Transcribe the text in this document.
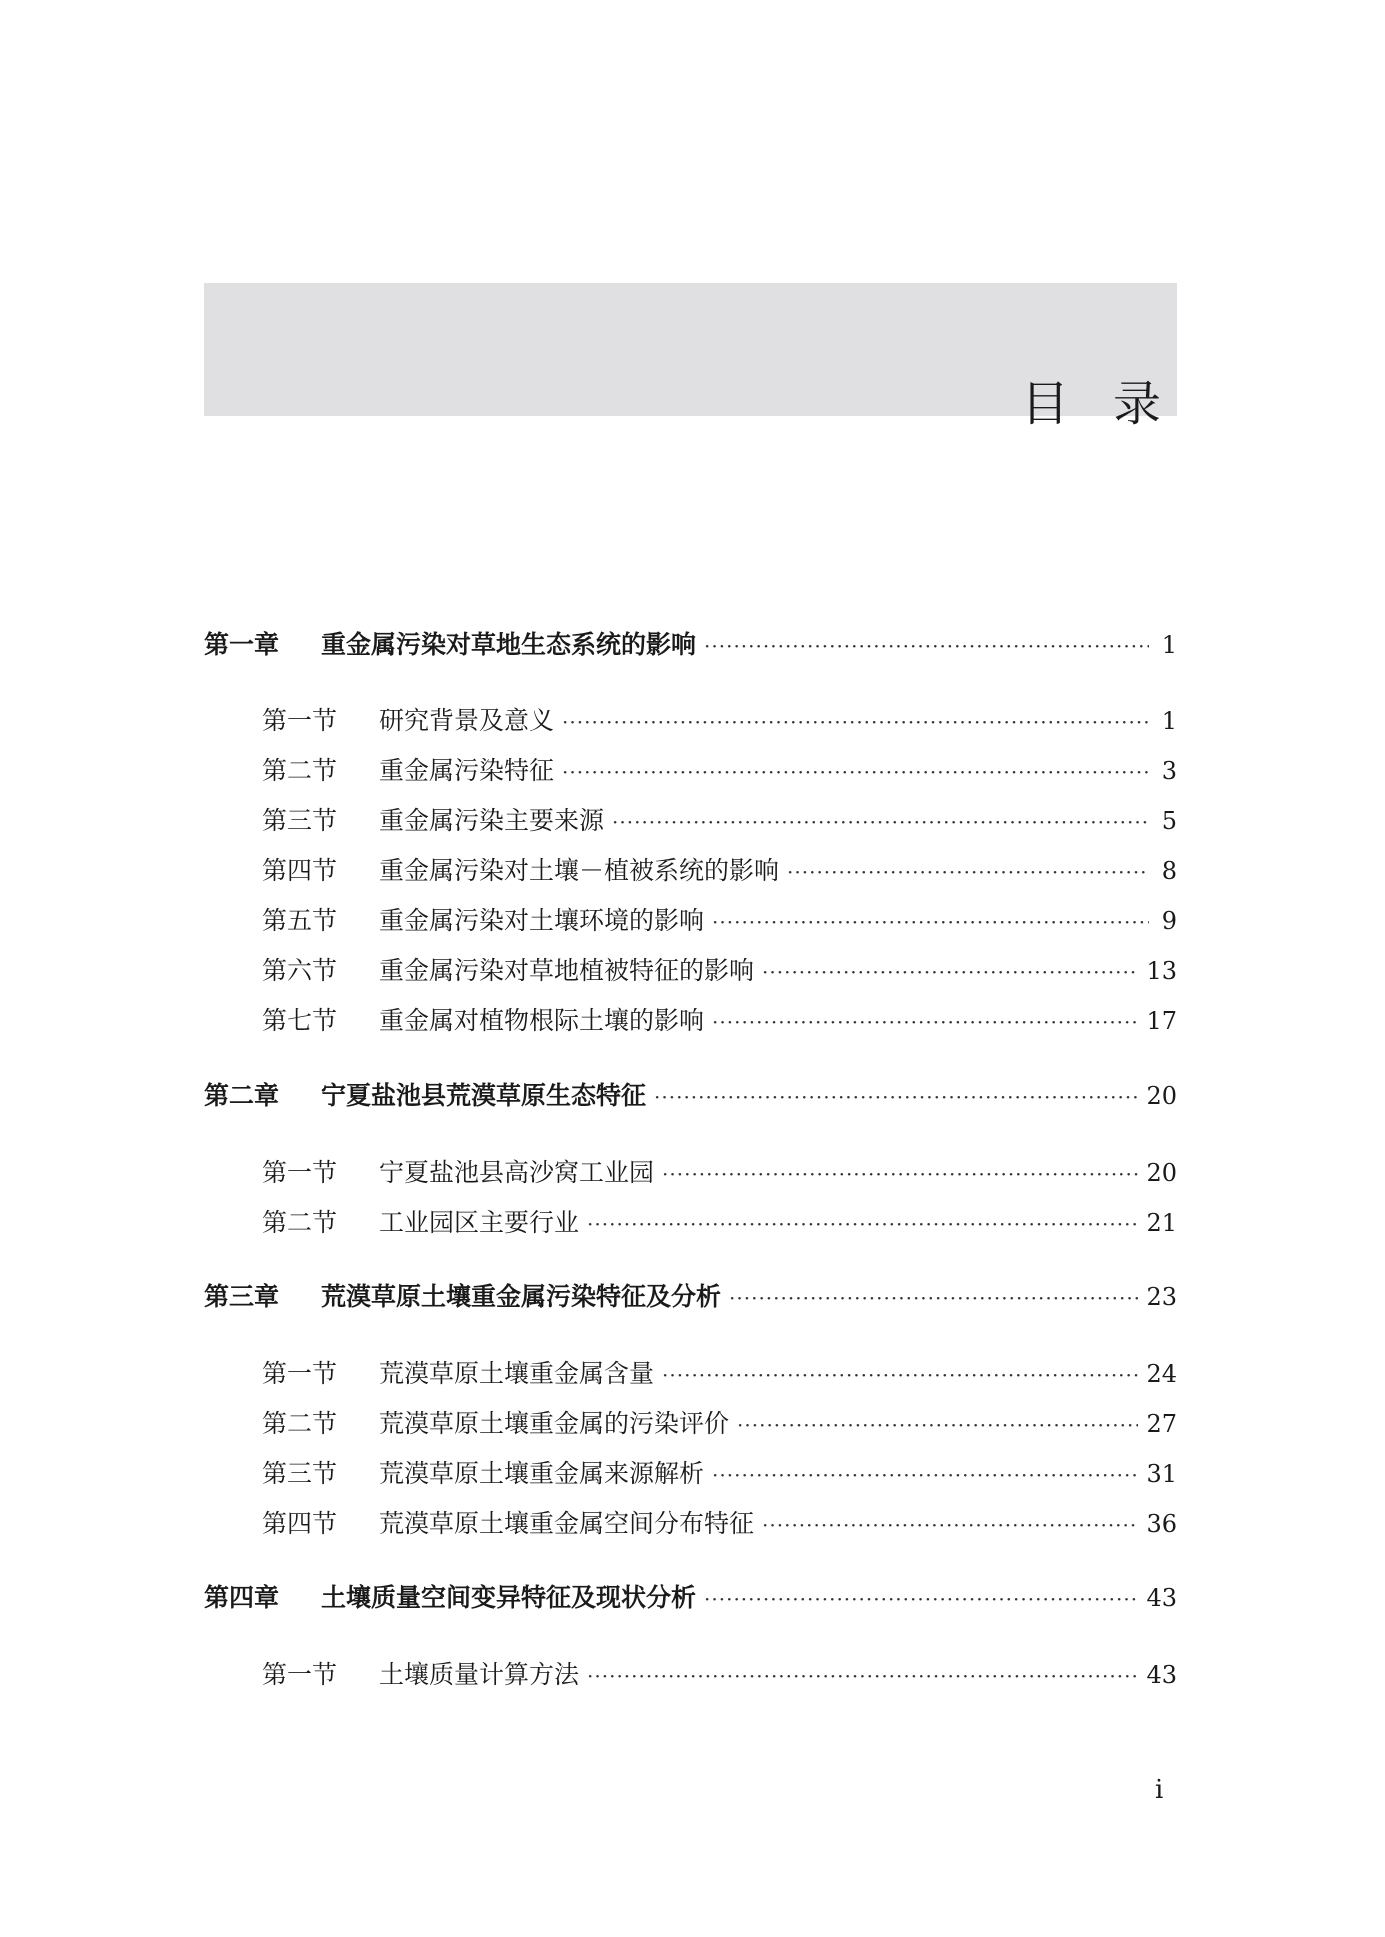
目录
第一章	重金属污染对草地生态系统的影响 ·····	1
第一节	研究背景及意义 ·····	1
第二节	重金属污染特征 ·····	3
第三节	重金属污染主要来源 ·····	5
第四节	重金属污染对土壤－植被系统的影响 ·····	8
第五节	重金属污染对土壤环境的影响 ·····	9
第六节	重金属污染对草地植被特征的影响 ·····	13
第七节	重金属对植物根际土壤的影响 ·····	17
第二章	宁夏盐池县荒漠草原生态特征 ·····	20
第一节	宁夏盐池县高沙窝工业园 ·····	20
第二节	工业园区主要行业 ·····	21
第三章	荒漠草原土壤重金属污染特征及分析 ·····	23
第一节	荒漠草原土壤重金属含量 ·····	24
第二节	荒漠草原土壤重金属的污染评价 ·····	27
第三节	荒漠草原土壤重金属来源解析 ·····	31
第四节	荒漠草原土壤重金属空间分布特征 ·····	36
第四章	土壤质量空间变异特征及现状分析 ·····	43
第一节	土壤质量计算方法 ·····	43
i
